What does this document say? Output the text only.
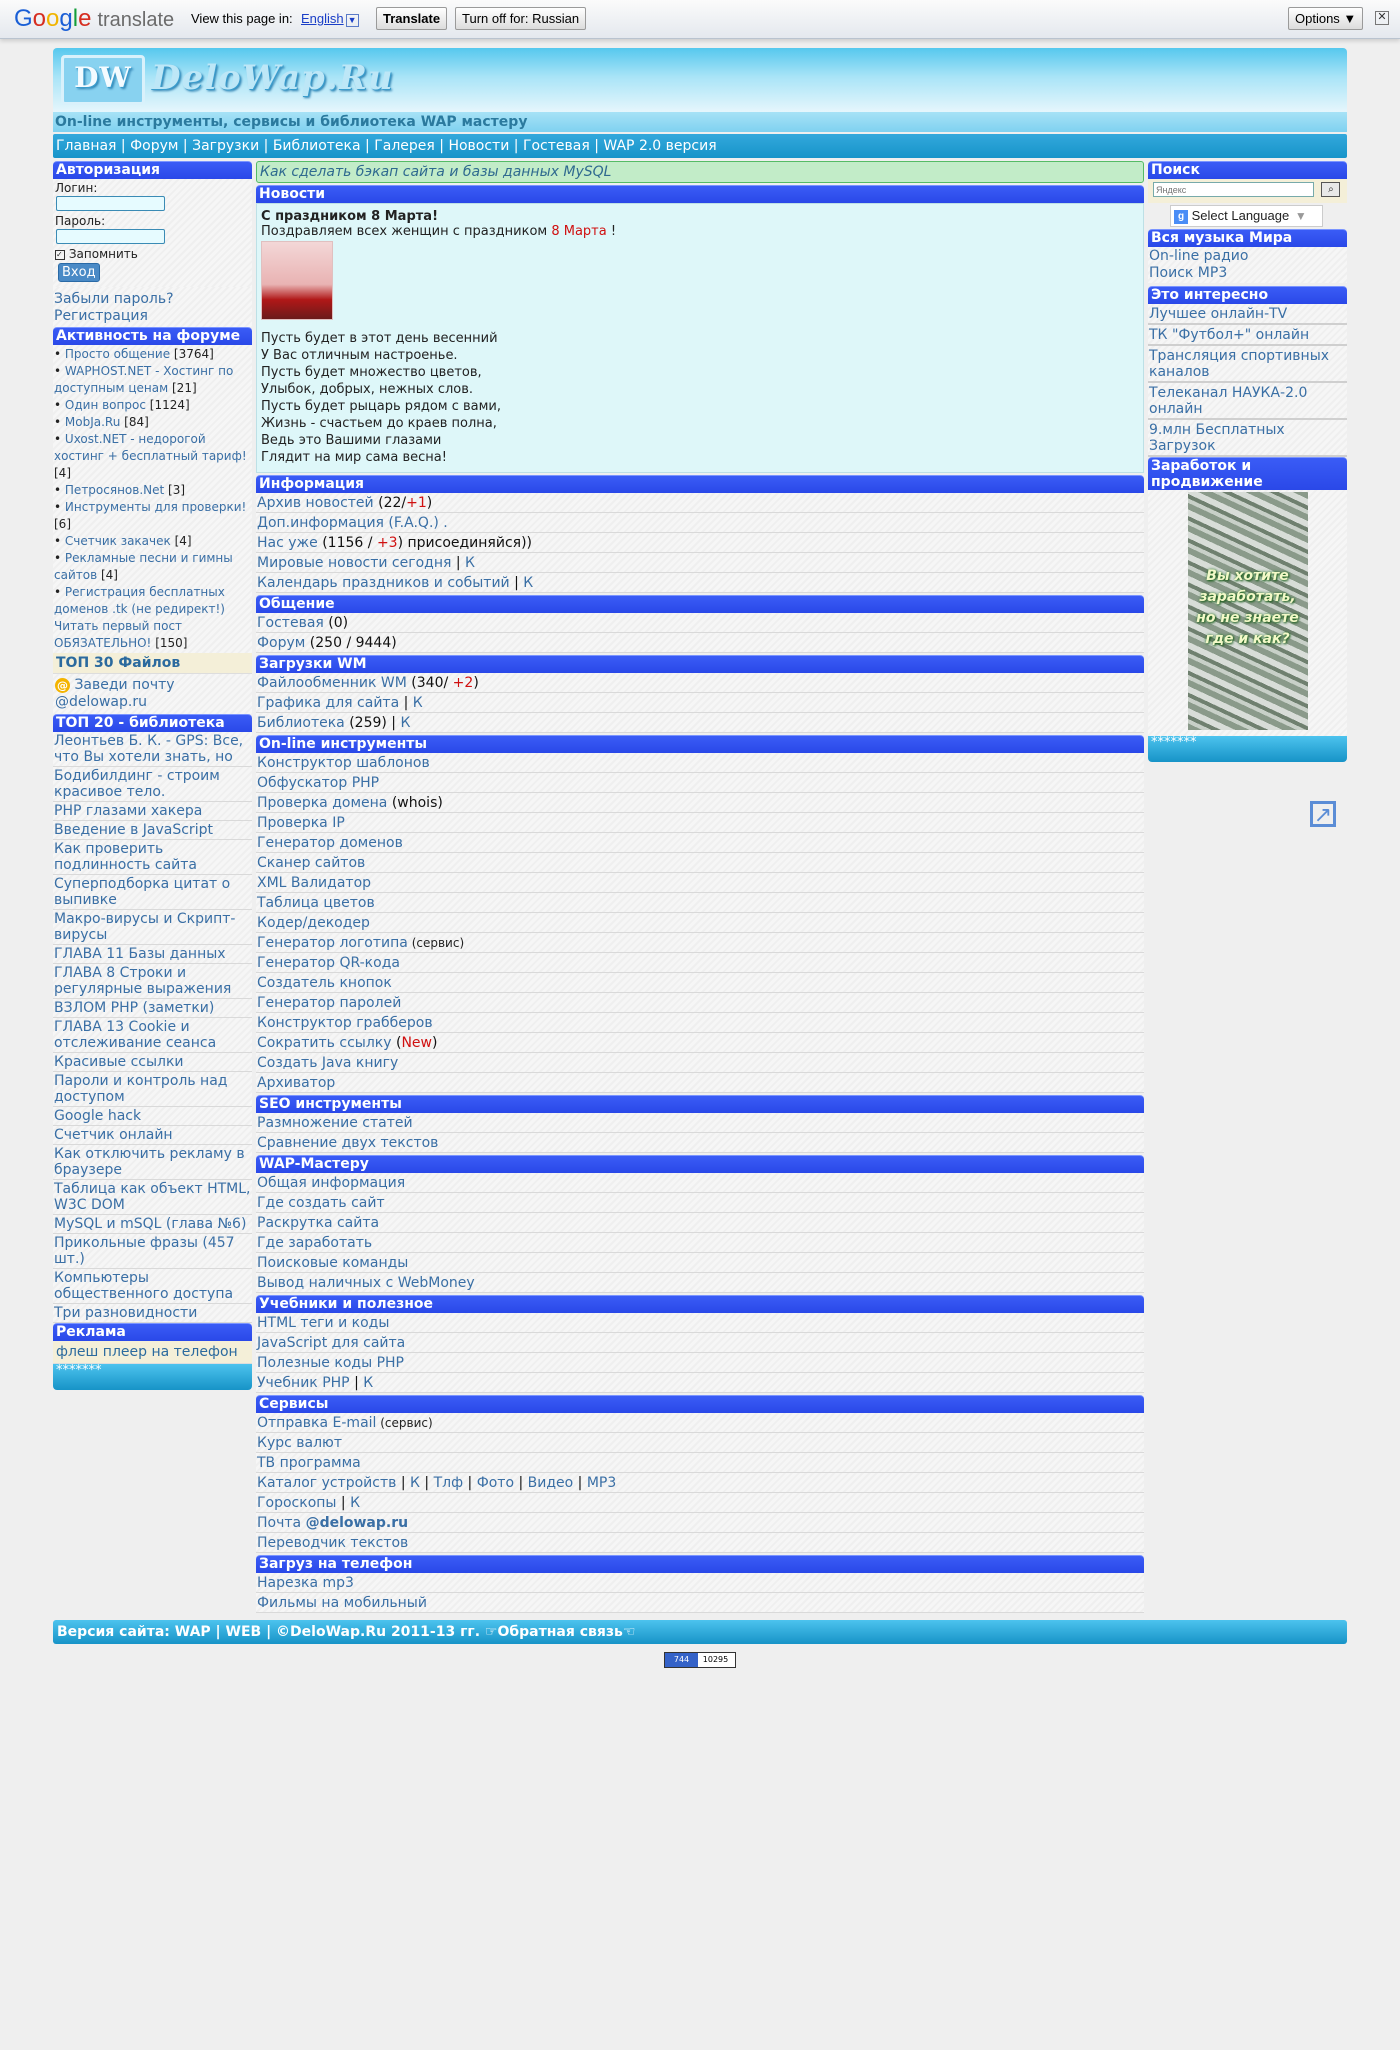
Google translate View this page in: English ▼	Translate	Turn off for: Russian	Options ▼	✕
DW DeloWap.Ru
On-line инструменты, сервисы и библиотека WAP мастеру
Главная | Форум | Загрузки | Библиотека | Галерея | Новости | Гостевая | WAP 2.0 версия
Авторизация
Логин:
Пароль:
✓ Запомнить
Вход
Забыли пароль?
Регистрация
Активность на форуме
• Просто общение [3764]
• WAPHOST.NET - Хостинг по доступным ценам [21]
• Один вопрос [1124]
• MobJa.Ru [84]
• Uxost.NET - недорогой хостинг + бесплатный тариф! [4]
• Петросянов.Net [3]
• Инструменты для проверки! [6]
• Счетчик закачек [4]
• Рекламные песни и гимны сайтов [4]
• Регистрация бесплатных доменов .tk (не редирект!) Читать первый пост ОБЯЗАТЕЛЬНО! [150]
ТОП 30 Файлов
@ Заведи почту @delowap.ru
ТОП 20 - библиотека
Леонтьев Б. К. - GPS: Все, что Вы хотели знать, но
Бодибилдинг - строим красивое тело.
PHP глазами хакера
Введение в JavaScript
Как проверить подлинность сайта
Суперподборка цитат о выпивке
Макро-вирусы и Скрипт-вирусы
ГЛАВА 11 Базы данных
ГЛАВА 8 Строки и регулярные выражения
ВЗЛОМ PHP (заметки)
ГЛАВА 13 Cookie и отслеживание сеанса
Красивые ссылки
Пароли и контроль над доступом
Google hack
Счетчик онлайн
Как отключить рекламу в браузере
Таблица как объект HTML, W3C DOM
MySQL и mSQL (глава №6)
Прикольные фразы (457 шт.)
Компьютеры общественного доступа
Три разновидности
Реклама
флеш плеер на телефон
*******
Как сделать бэкап сайта и базы данных MySQL
Новости
С праздником 8 Марта!
Поздравляем всех женщин с праздником 8 Марта !
Пусть будет в этот день весенний
У Вас отличным настроенье.
Пусть будет множество цветов,
Улыбок, добрых, нежных слов.
Пусть будет рыцарь рядом с вами,
Жизнь - счастьем до краев полна,
Ведь это Вашими глазами
Глядит на мир сама весна!
Информация
Архив новостей (22/+1)
Доп.информация (F.A.Q.) .
Нас уже (1156 / +3) присоединяйся))
Мировые новости сегодня | К
Календарь праздников и событий | К
Общение
Гостевая (0)
Форум (250 / 9444)
Загрузки WM
Файлообменник WM (340/ +2)
Графика для сайта | К
Библиотека (259) | К
On-line инструменты
Конструктор шаблонов
Обфускатор PHP
Проверка домена (whois)
Проверка IP
Генератор доменов
Сканер сайтов
XML Валидатор
Таблица цветов
Кодер/декодер
Генератор логотипа (сервис)
Генератор QR-кода
Создатель кнопок
Генератор паролей
Конструктор грабберов
Сократить ссылку (New)
Создать Java книгу
Архиватор
SEO инструменты
Размножение статей
Сравнение двух текстов
WAP-Мастеру
Общая информация
Где создать сайт
Раскрутка сайта
Где заработать
Поисковые команды
Вывод наличных с WebMoney
Учебники и полезное
HTML теги и коды
JavaScript для сайта
Полезные коды PHP
Учебник PHP | К
Сервисы
Отправка E-mail (сервис)
Курс валют
ТВ программа
Каталог устройств | К | Тлф | Фото | Видео | MP3
Гороскопы | К
Почта @delowap.ru
Переводчик текстов
Загруз на телефон
Нарезка mp3
Фильмы на мобильный
Поиск
Яндекс ⌕
g Select Language ▼
Вся музыка Мира
On-line радио
Поиск MP3
Это интересно
Лучшее онлайн-TV
ТК "Футбол+" онлайн
Трансляция спортивных каналов
Телеканал НАУКА-2.0 онлайн
9.млн Бесплатных Загрузок
Заработок и продвижение
Вы хотите
заработать,
но не знаете
где и как?
*******
↗
Версия сайта: WAP | WEB | ©DeloWap.Ru 2011-13 гг. ☞Обратная связь☜
744 10295
